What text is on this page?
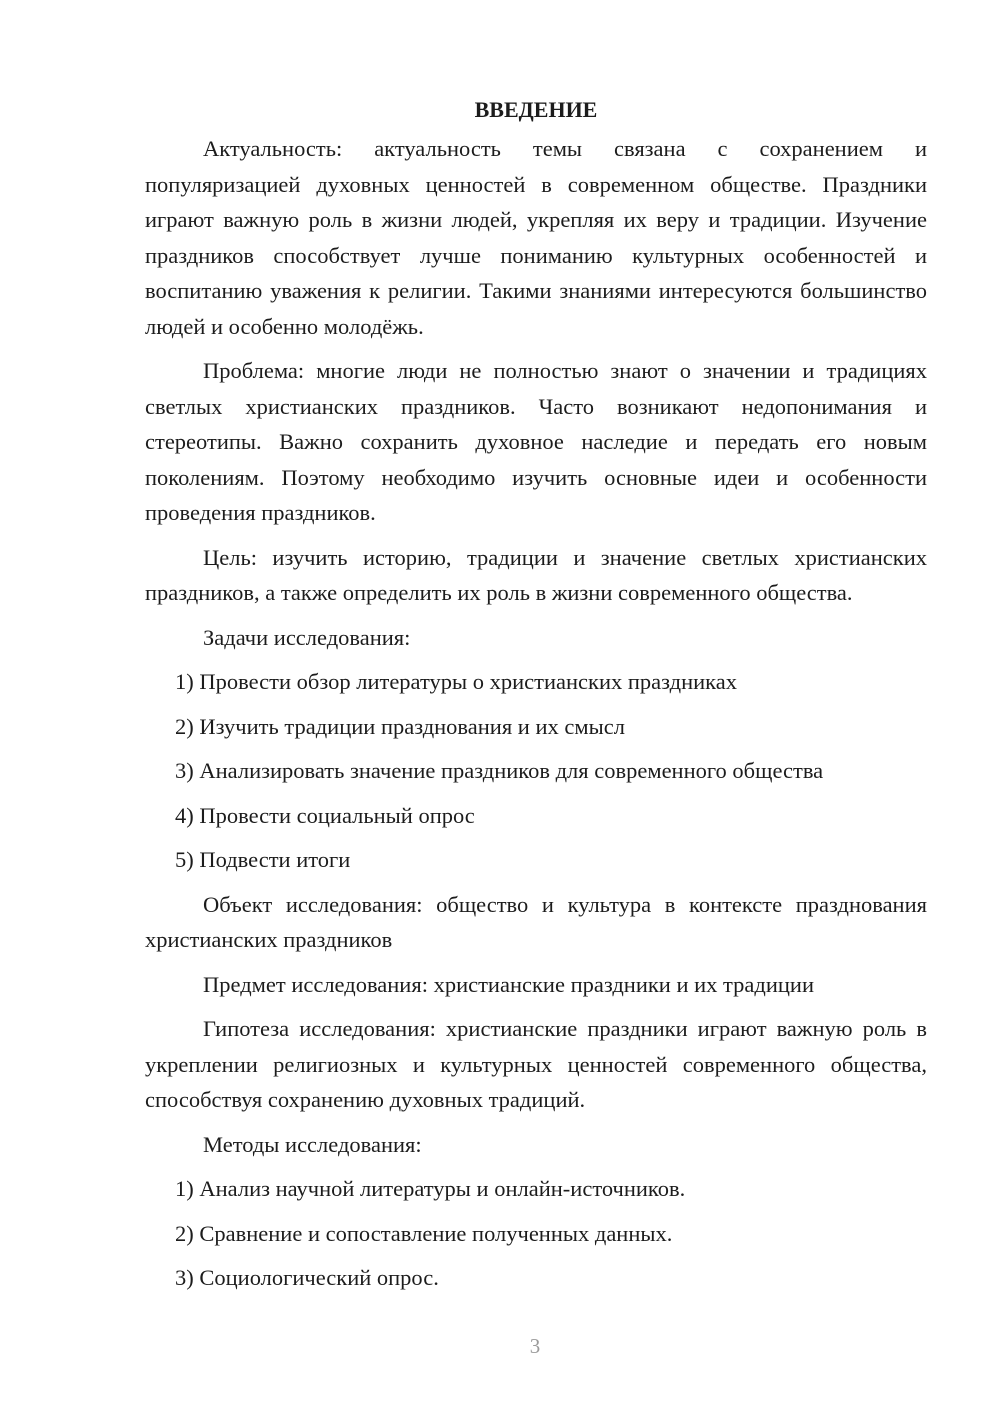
ВВЕДЕНИЕ

Актуальность: актуальность темы связана с сохранением и популяризацией духовных ценностей в современном обществе. Праздники играют важную роль в жизни людей, укрепляя их веру и традиции. Изучение праздников способствует лучше пониманию культурных особенностей и воспитанию уважения к религии. Такими знаниями интересуются большинство людей и особенно молодёжь.

Проблема: многие люди не полностью знают о значении и традициях светлых христианских праздников. Часто возникают недопонимания и стереотипы. Важно сохранить духовное наследие и передать его новым поколениям. Поэтому необходимо изучить основные идеи и особенности проведения праздников.

Цель: изучить историю, традиции и значение светлых христианских праздников, а также определить их роль в жизни современного общества.

Задачи исследования:

1) Провести обзор литературы о христианских праздниках
2) Изучить традиции празднования и их смысл
3) Анализировать значение праздников для современного общества
4) Провести социальный опрос
5) Подвести итоги

Объект исследования: общество и культура в контексте празднования христианских праздников

Предмет исследования: христианские праздники и их традиции

Гипотеза исследования: христианские праздники играют важную роль в укреплении религиозных и культурных ценностей современного общества, способствуя сохранению духовных традиций.

Методы исследования:

1) Анализ научной литературы и онлайн-источников.
2) Сравнение и сопоставление полученных данных.
3) Социологический опрос.
3
